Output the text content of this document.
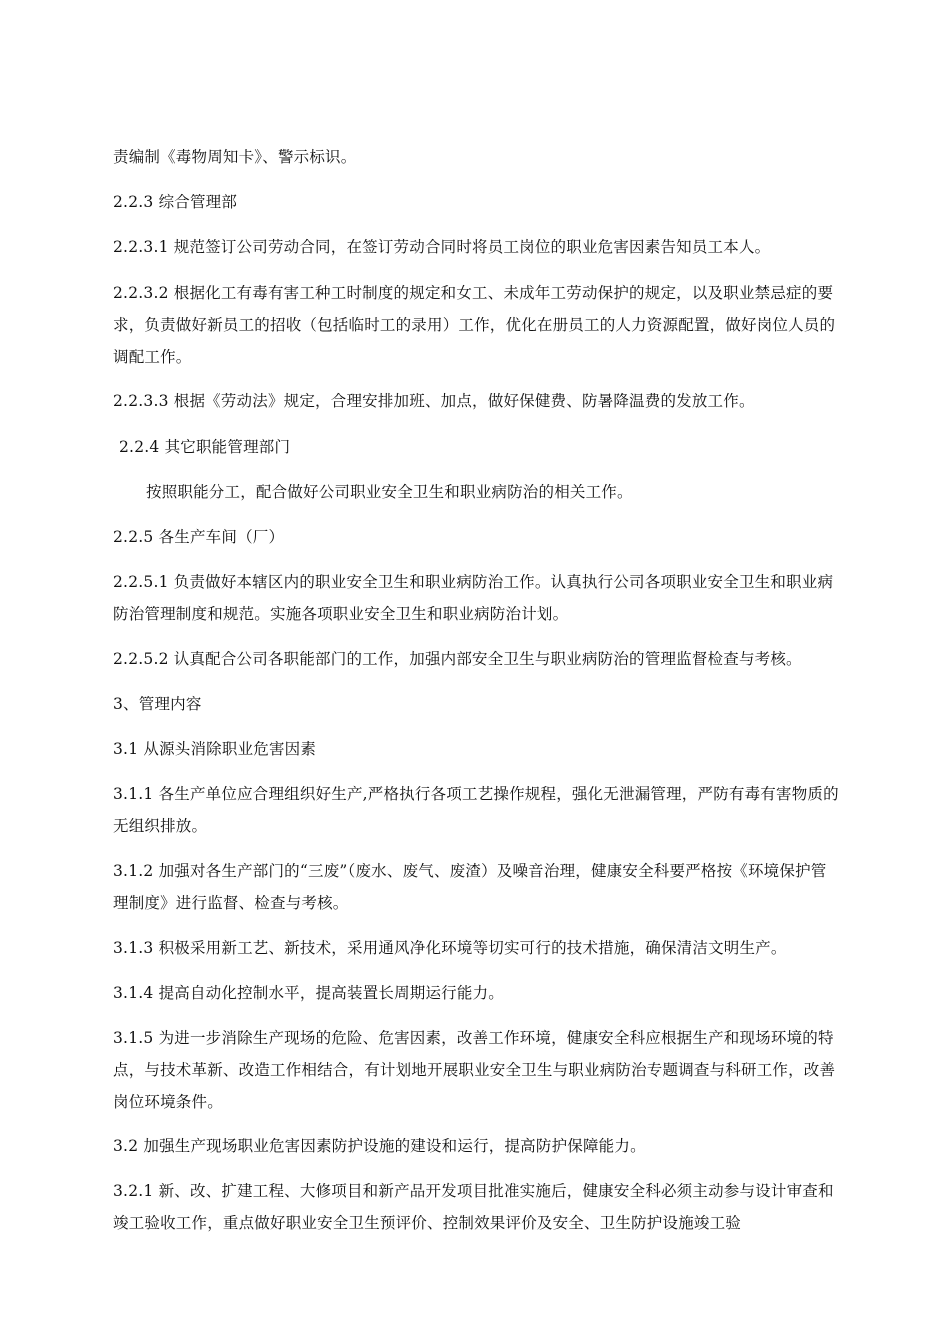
责编制《毒物周知卡》、警示标识。

2.2.3 综合管理部

2.2.3.1 规范签订公司劳动合同，在签订劳动合同时将员工岗位的职业危害因素告知员工本人。

2.2.3.2 根据化工有毒有害工种工时制度的规定和女工、未成年工劳动保护的规定，以及职业禁忌症的要求，负责做好新员工的招收（包括临时工的录用）工作，优化在册员工的人力资源配置，做好岗位人员的调配工作。

2.2.3.3 根据《劳动法》规定，合理安排加班、加点，做好保健费、防暑降温费的发放工作。

2.2.4 其它职能管理部门

按照职能分工，配合做好公司职业安全卫生和职业病防治的相关工作。

2.2.5 各生产车间（厂）

2.2.5.1 负责做好本辖区内的职业安全卫生和职业病防治工作。认真执行公司各项职业安全卫生和职业病防治管理制度和规范。实施各项职业安全卫生和职业病防治计划。

2.2.5.2 认真配合公司各职能部门的工作，加强内部安全卫生与职业病防治的管理监督检查与考核。

3、管理内容

3.1 从源头消除职业危害因素

3.1.1 各生产单位应合理组织好生产,严格执行各项工艺操作规程，强化无泄漏管理，严防有毒有害物质的无组织排放。

3.1.2 加强对各生产部门的“三废”（废水、废气、废渣）及噪音治理，健康安全科要严格按《环境保护管理制度》进行监督、检查与考核。

3.1.3 积极采用新工艺、新技术，采用通风净化环境等切实可行的技术措施，确保清洁文明生产。

3.1.4 提高自动化控制水平，提高装置长周期运行能力。

3.1.5 为进一步消除生产现场的危险、危害因素，改善工作环境，健康安全科应根据生产和现场环境的特点，与技术革新、改造工作相结合，有计划地开展职业安全卫生与职业病防治专题调查与科研工作，改善岗位环境条件。

3.2 加强生产现场职业危害因素防护设施的建设和运行，提高防护保障能力。

3.2.1 新、改、扩建工程、大修项目和新产品开发项目批准实施后，健康安全科必须主动参与设计审查和竣工验收工作，重点做好职业安全卫生预评价、控制效果评价及安全、卫生防护设施竣工验
